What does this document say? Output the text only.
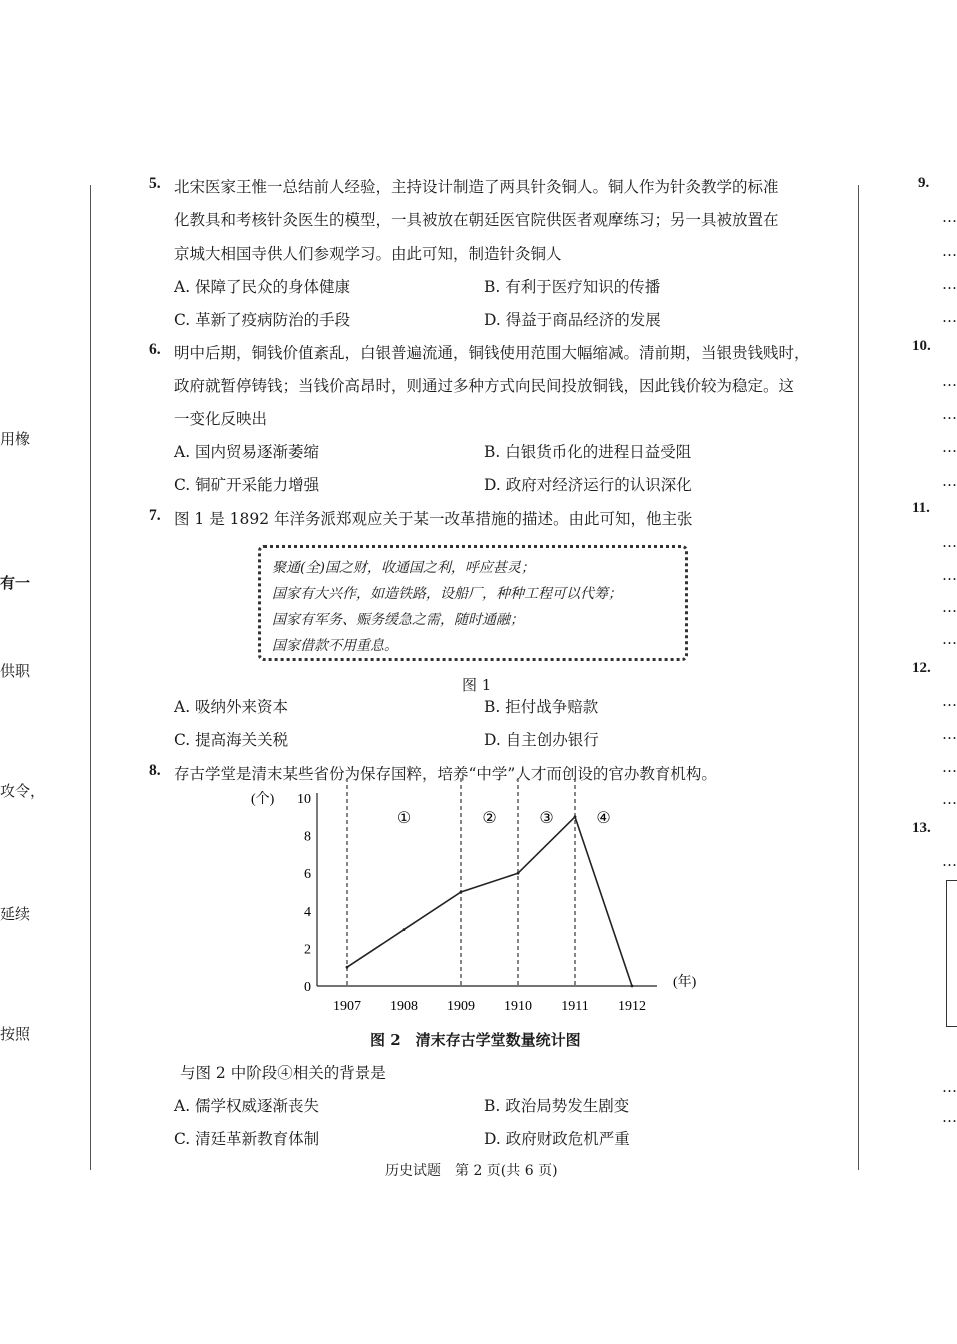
用橡
有一
供职
攻令，
延续
按照
9.
…
…
…
…
10.
…
…
…
…
11.
…
…
…
…
12.
…
…
…
…
13.
…
…
…
5. 北宋医家王惟一总结前人经验，主持设计制造了两具针灸铜人。铜人作为针灸教学的标准
化教具和考核针灸医生的模型，一具被放在朝廷医官院供医者观摩练习；另一具被放置在
京城大相国寺供人们参观学习。由此可知，制造针灸铜人
A. 保障了民众的身体健康	B. 有利于医疗知识的传播
C. 革新了疫病防治的手段	D. 得益于商品经济的发展
6. 明中后期，铜钱价值紊乱，白银普遍流通，铜钱使用范围大幅缩减。清前期，当银贵钱贱时，
政府就暂停铸钱；当钱价高昂时，则通过多种方式向民间投放铜钱，因此钱价较为稳定。这
一变化反映出
A. 国内贸易逐渐萎缩	B. 白银货币化的进程日益受阻
C. 铜矿开采能力增强	D. 政府对经济运行的认识深化
7. 图 1 是 1892 年洋务派郑观应关于某一改革措施的描述。由此可知，他主张
聚通(全)国之财，收通国之利，呼应甚灵；
国家有大兴作，如造铁路，设船厂，种种工程可以代筹；
国家有军务、赈务缓急之需，随时通融；
国家借款不用重息。
图 1
A. 吸纳外来资本	B. 拒付战争赔款
C. 提高海关关税	D. 自主创办银行
8. 存古学堂是清末某些省份为保存国粹，培养“中学”人才而创设的官办教育机构。
0
2
4
6
8
10
1907 1908 1909 1910 1911 1912
①	②	③	④
(个)
(年)
图 2　清末存古学堂数量统计图
与图 2 中阶段④相关的背景是
A. 儒学权威逐渐丧失	B. 政治局势发生剧变
C. 清廷革新教育体制	D. 政府财政危机严重
历史试题　第 2 页(共 6 页)
